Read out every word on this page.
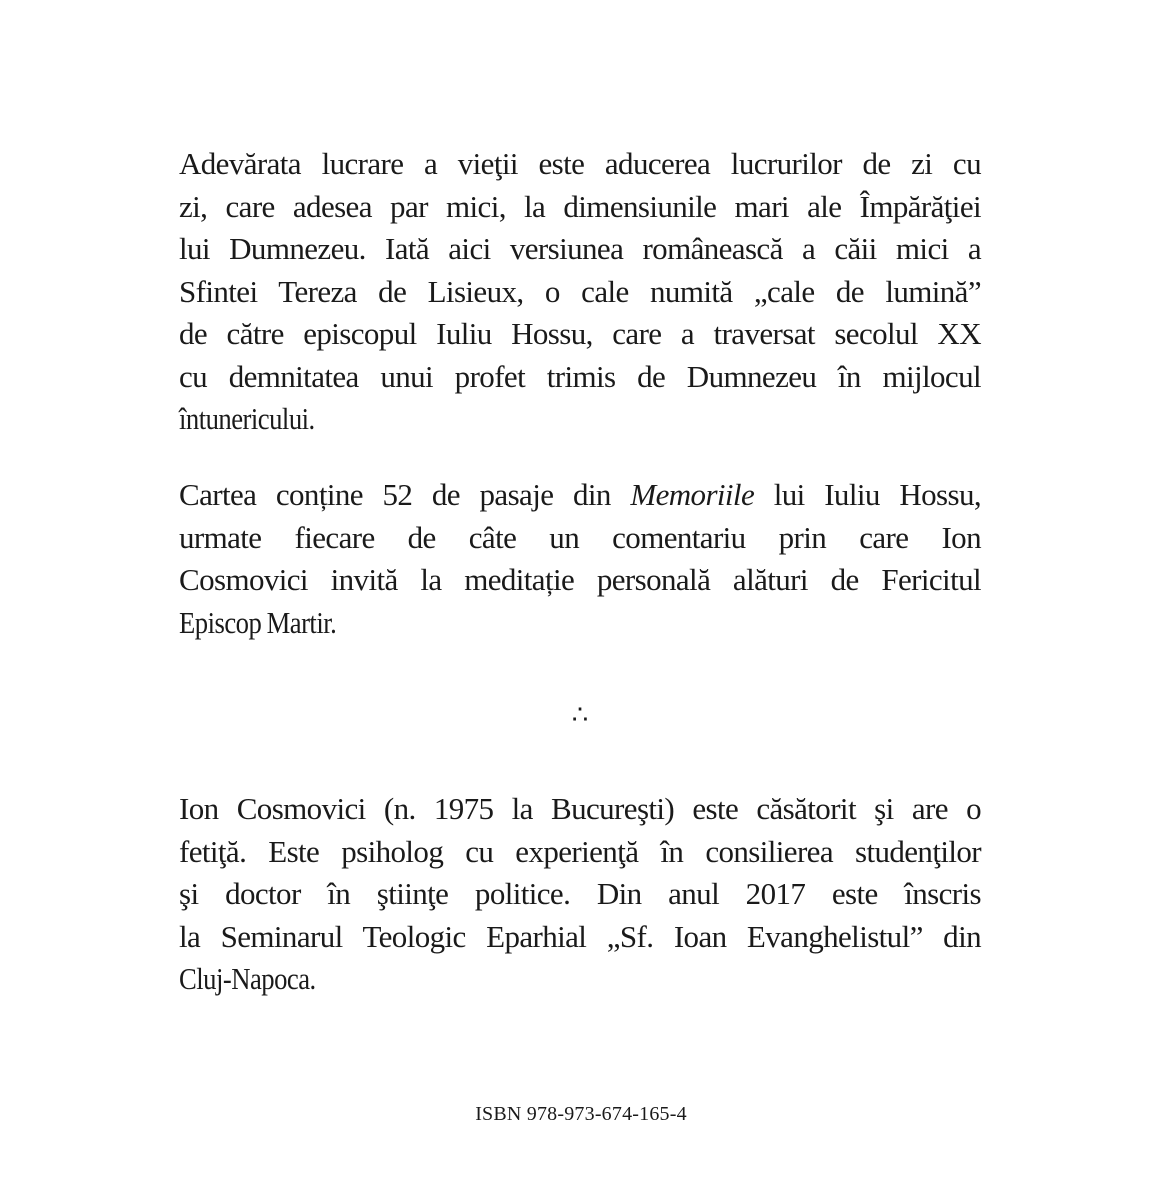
Adevărata lucrare a vieţii este aducerea lucrurilor de zi cu
zi, care adesea par mici, la dimensiunile mari ale Împărăţiei
lui Dumnezeu. Iată aici versiunea românească a căii mici a
Sfintei Tereza de Lisieux, o cale numită „cale de lumină”
de către episcopul Iuliu Hossu, care a traversat secolul XX
cu demnitatea unui profet trimis de Dumnezeu în mijlocul
întunericului.
Cartea conține 52 de pasaje din Memoriile lui Iuliu Hossu,
urmate fiecare de câte un comentariu prin care Ion
Cosmovici invită la meditație personală alături de Fericitul
Episcop Martir.
∴
Ion Cosmovici (n. 1975 la Bucureşti) este căsătorit şi are o
fetiţă. Este psiholog cu experienţă în consilierea studenţilor
şi doctor în ştiinţe politice. Din anul 2017 este înscris
la Seminarul Teologic Eparhial „Sf. Ioan Evanghelistul” din
Cluj-Napoca.
ISBN 978-973-674-165-4
